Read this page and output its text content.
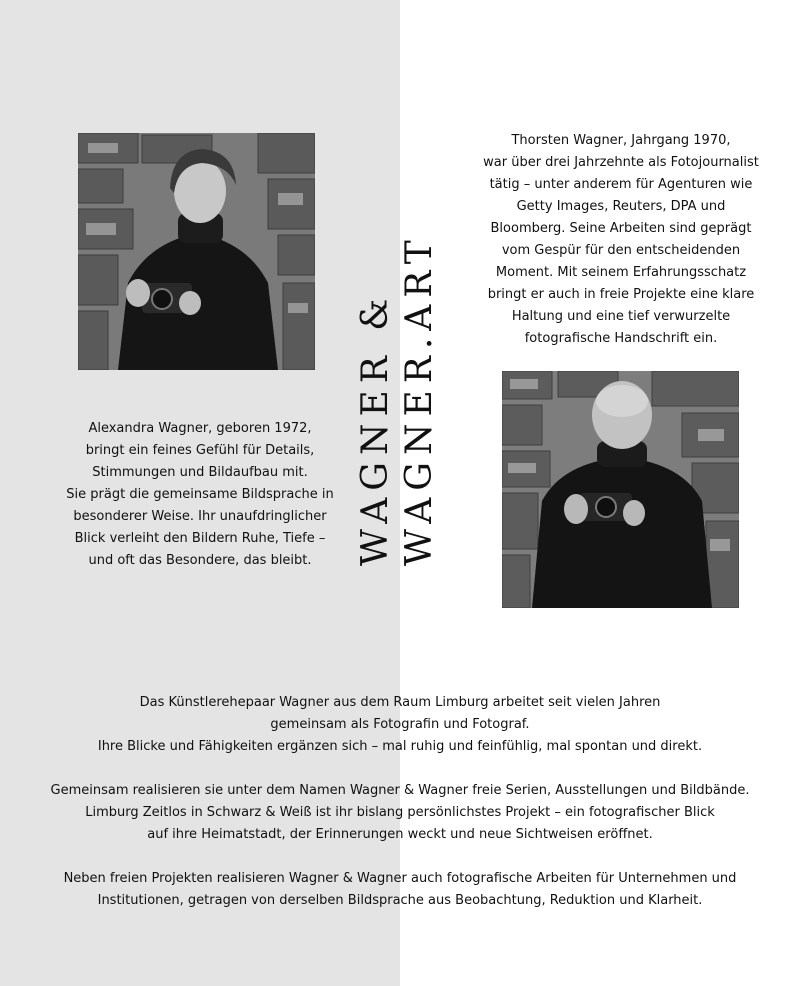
Thorsten Wagner, Jahrgang 1970,
war über drei Jahrzehnte als Fotojournalist
tätig – unter anderem für Agenturen wie
Getty Images, Reuters, DPA und
Bloomberg. Seine Arbeiten sind geprägt
vom Gespür für den entscheidenden
Moment. Mit seinem Erfahrungsschatz
bringt er auch in freie Projekte eine klare
Haltung und eine tief verwurzelte
fotografische Handschrift ein.
Alexandra Wagner, geboren 1972,
bringt ein feines Gefühl für Details,
Stimmungen und Bildaufbau mit.
Sie prägt die gemeinsame Bildsprache in
besonderer Weise. Ihr unaufdringlicher
Blick verleiht den Bildern Ruhe, Tiefe –
und oft das Besondere, das bleibt.	WAGNER & WAGNER.ART
Das Künstlerehepaar Wagner aus dem Raum Limburg arbeitet seit vielen Jahren
gemeinsam als Fotografin und Fotograf.
Ihre Blicke und Fähigkeiten ergänzen sich – mal ruhig und feinfühlig, mal spontan und direkt.
Gemeinsam realisieren sie unter dem Namen Wagner & Wagner freie Serien, Ausstellungen und Bildbände.
Limburg Zeitlos in Schwarz & Weiß ist ihr bislang persönlichstes Projekt – ein fotografischer Blick
auf ihre Heimatstadt, der Erinnerungen weckt und neue Sichtweisen eröffnet.
Neben freien Projekten realisieren Wagner & Wagner auch fotografische Arbeiten für Unternehmen und
Institutionen, getragen von derselben Bildsprache aus Beobachtung, Reduktion und Klarheit.
